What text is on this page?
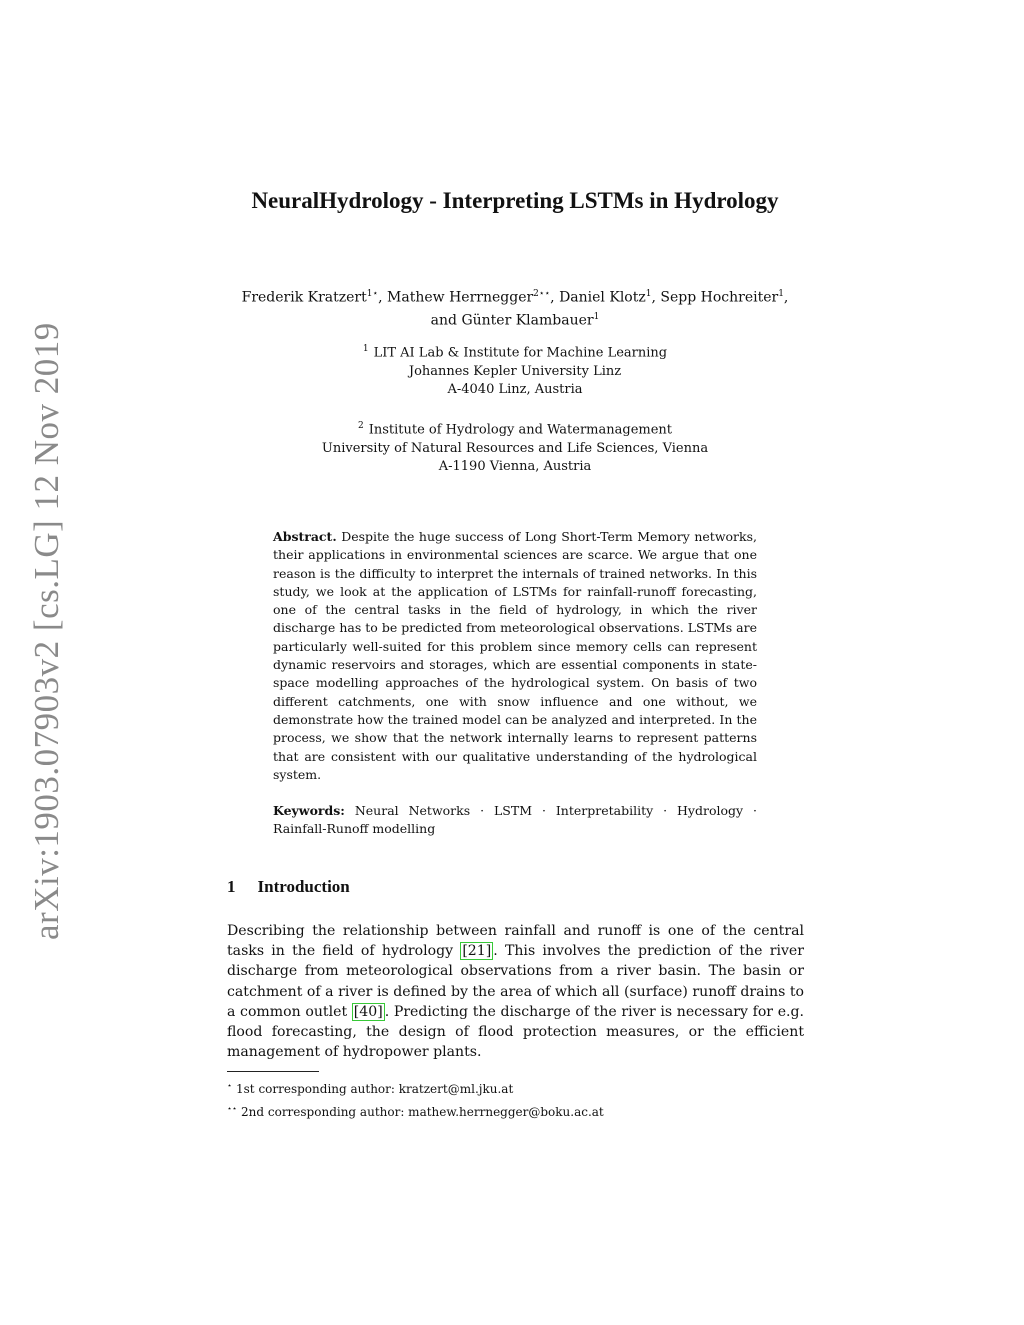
arXiv:1903.07903v2 [cs.LG] 12 Nov 2019
NeuralHydrology - Interpreting LSTMs in Hydrology
Frederik Kratzert$^{1⋆}$, Mathew Herrnegger$^{2⋆⋆}$, Daniel Klotz$^1$, Sepp Hochreiter$^1$,
and Günter Klambauer$^1$
$^1$ LIT AI Lab & Institute for Machine Learning
Johannes Kepler University Linz
A-4040 Linz, Austria
$^2$ Institute of Hydrology and Watermanagement
University of Natural Resources and Life Sciences, Vienna
A-1190 Vienna, Austria
Abstract. Despite the huge success of Long Short-Term Memory networks, their applications in environmental sciences are scarce. We argue that one reason is the difficulty to interpret the internals of trained networks. In this study, we look at the application of LSTMs for rainfall-runoff forecasting, one of the central tasks in the field of hydrology, in which the river discharge has to be predicted from meteorological observations. LSTMs are particularly well-suited for this problem since memory cells can represent dynamic reservoirs and storages, which are essential components in state-space modelling approaches of the hydrological system. On basis of two different catchments, one with snow influence and one without, we demonstrate how the trained model can be analyzed and interpreted. In the process, we show that the network internally learns to represent patterns that are consistent with our qualitative understanding of the hydrological system.
Keywords: Neural Networks · LSTM · Interpretability · Hydrology · Rainfall-Runoff modelling
1 Introduction
Describing the relationship between rainfall and runoff is one of the central tasks in the field of hydrology [21] . This involves the prediction of the river discharge from meteorological observations from a river basin. The basin or catchment of a river is defined by the area of which all (surface) runoff drains to a common outlet [40] . Predicting the discharge of the river is necessary for e.g. flood forecasting, the design of flood protection measures, or the efficient management of hydropower plants.
⋆ 1st corresponding author: kratzert@ml.jku.at
⋆⋆ 2nd corresponding author: mathew.herrnegger@boku.ac.at
